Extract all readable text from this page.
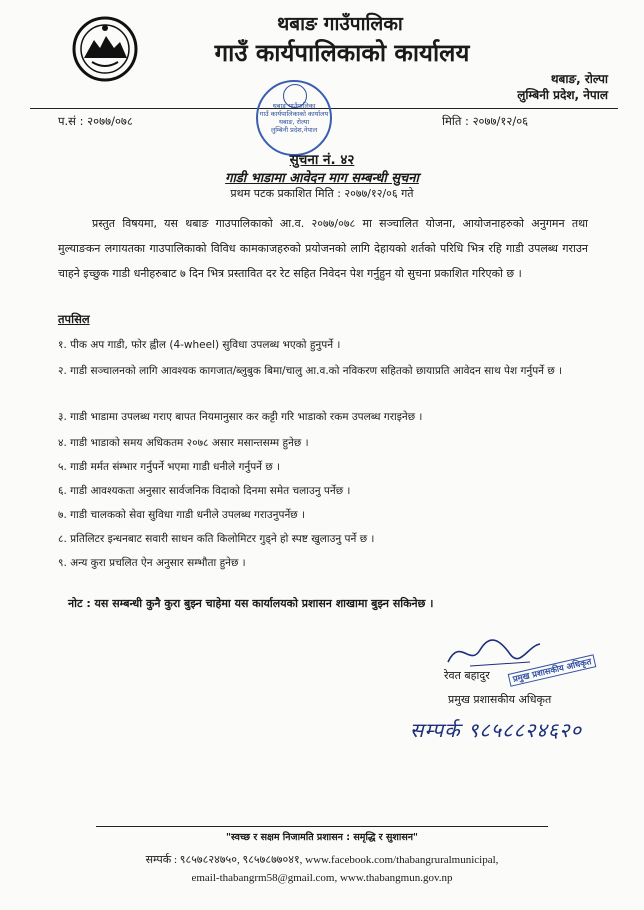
थबाङ गाउँपालिका
गाउँ कार्यपालिकाको कार्यालय
थबाङ, रोल्पा
लुम्बिनी प्रदेश, नेपाल
प.सं : २०७७/०७८	मिति : २०७७/१२/०६
थबाङ गाउँपालिका
गाउँ कार्यपालिकाको कार्यालय
थबाङ, रोल्पा
लुम्बिनी प्रदेश,नेपाल
सुचना नं. ४२
गाडी भाडामा आवेदन माग सम्बन्धी सुचना
प्रथम पटक प्रकाशित मिति : २०७७/१२/०६ गते
प्रस्तुत विषयमा, यस थबाङ गाउपालिकाको आ.व. २०७७/०७८ मा सञ्चालित योजना, आयोजनाहरुको अनुगमन तथा मुल्याङकन लगायतका गाउपालिकाको विविध कामकाजहरुको प्रयोजनको लागि देहायको शर्तको परिधि भित्र रहि गाडी उपलब्ध गराउन चाहने इच्छुक गाडी धनीहरुबाट ७ दिन भित्र प्रस्तावित दर रेट सहित निवेदन पेश गर्नुहुन यो सुचना प्रकाशित गरिएको छ ।
तपसिल
१. पीक अप गाडी, फोर ह्वील (4-wheel) सुविधा उपलब्ध भएको हुनुपर्ने ।
२. गाडी सञ्चालनको लागि आवश्यक कागजात/ब्लुबुक बिमा/चालु आ.व.को नविकरण सहितको छायाप्रति आवेदन साथ पेश गर्नुपर्ने छ ।
३. गाडी भाडामा उपलब्ध गराए बापत नियमानुसार कर कट्टी गरि भाडाको रकम उपलब्ध गराइनेछ ।
४. गाडी भाडाको समय अधिकतम २०७८ असार मसान्तसम्म हुनेछ ।
५. गाडी मर्मत संम्भार गर्नुपर्ने भएमा गाडी धनीले गर्नुपर्ने छ ।
६. गाडी आवश्यकता अनुसार सार्वजनिक विदाको दिनमा समेत चलाउनु पर्नेछ ।
७. गाडी चालकको सेवा सुविधा गाडी धनीले उपलब्ध गराउनुपर्नेछ ।
८. प्रतिलिटर इन्धनबाट सवारी साधन कति किलोमिटर गुड्ने हो स्पष्ट खुलाउनु पर्ने छ ।
९. अन्य कुरा प्रचलित ऐन अनुसार सम्भौता हुनेछ ।
नोट : यस सम्बन्धी कुनै कुरा बुझ्न चाहेमा यस कार्यालयको प्रशासन शाखामा बुझ्न सकिनेछ ।
रेवत बहादुर	प्रमुख प्रशासकीय अधिकृत
प्रमुख प्रशासकीय अधिकृत
सम्पर्क ९८५८८२४६२०
"स्वच्छ र सक्षम निजामति प्रशासन : समृद्धि र सुशासन"
सम्पर्क : ९८५७८२४७५०, ९८५७८७७०४१, www.facebook.com/thabangruralmunicipal,
email-thabangrm58@gmail.com, www.thabangmun.gov.np
